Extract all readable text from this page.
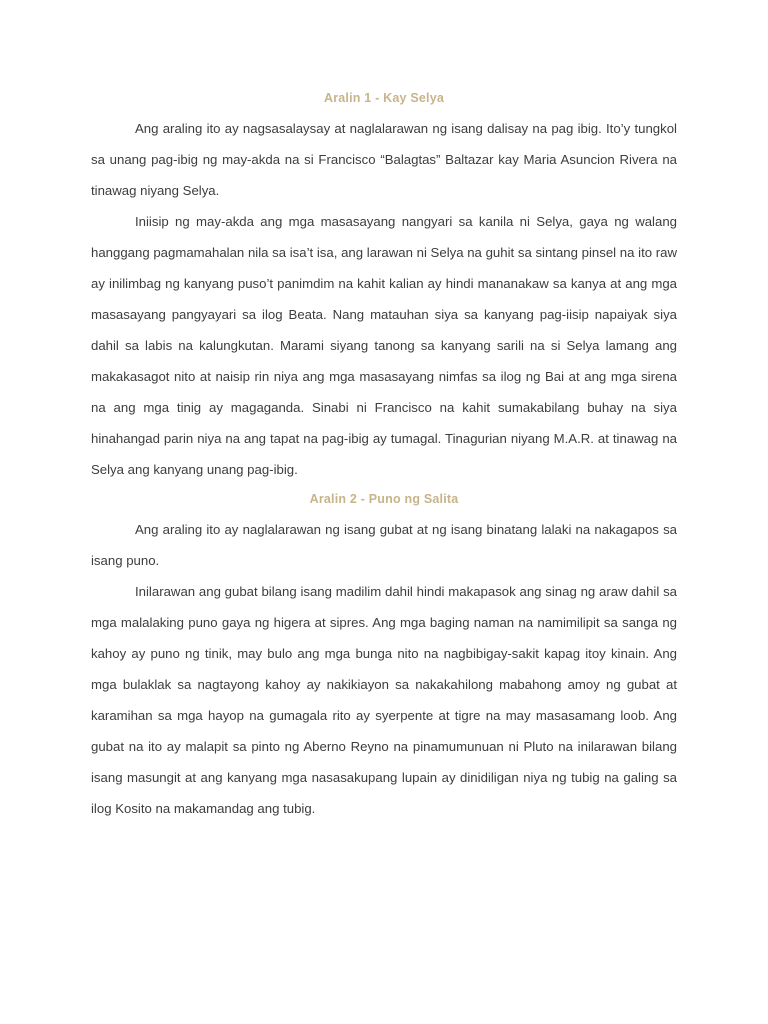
Aralin 1 - Kay Selya

Ang araling ito ay nagsasalaysay at naglalarawan ng isang dalisay na pag ibig. Ito’y tungkol sa unang pag-ibig ng may-akda na si Francisco “Balagtas” Baltazar kay Maria Asuncion Rivera na tinawag niyang Selya.

Iniisip ng may-akda ang mga masasayang nangyari sa kanila ni Selya, gaya ng walang hanggang pagmamahalan nila sa isa’t isa, ang larawan ni Selya na guhit sa sintang pinsel na ito raw ay inilimbag ng kanyang puso’t panimdim na kahit kalian ay hindi mananakaw sa kanya at ang mga masasayang pangyayari sa ilog Beata. Nang matauhan siya sa kanyang pag-iisip napaiyak siya dahil sa labis na kalungkutan. Marami siyang tanong sa kanyang sarili na si Selya lamang ang makakasagot nito at naisip rin niya ang mga masasayang nimfas sa ilog ng Bai at ang mga sirena na ang mga tinig ay magaganda. Sinabi ni Francisco na kahit sumakabilang buhay na siya hinahangad parin niya na ang tapat na pag-ibig ay tumagal. Tinagurian niyang M.A.R. at tinawag na Selya ang kanyang unang pag-ibig.

Aralin 2 - Puno ng Salita

Ang araling ito ay naglalarawan ng isang gubat at ng isang binatang lalaki na nakagapos sa isang puno.

Inilarawan ang gubat bilang isang madilim dahil hindi makapasok ang sinag ng araw dahil sa mga malalaking puno gaya ng higera at sipres. Ang mga baging naman na namimilipit sa sanga ng kahoy ay puno ng tinik, may bulo ang mga bunga nito na nagbibigay-sakit kapag itoy kinain. Ang mga bulaklak sa nagtayong kahoy ay nakikiayon sa nakakahilong mabahong amoy ng gubat at karamihan sa mga hayop na gumagala rito ay syerpente at tigre na may masasamang loob. Ang gubat na ito ay malapit sa pinto ng Aberno Reyno na pinamumunuan ni Pluto na inilarawan bilang isang masungit at ang kanyang mga nasasakupang lupain ay dinidiligan niya ng tubig na galing sa ilog Kosito na makamandag ang tubig.
